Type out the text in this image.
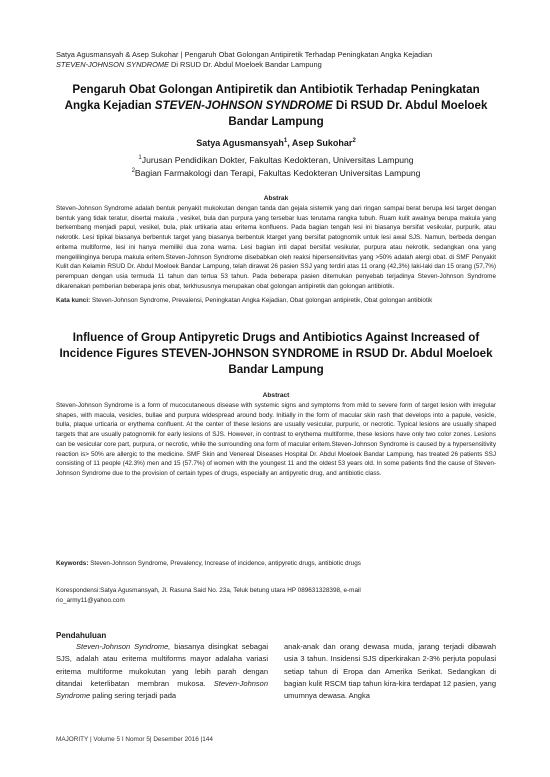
Satya Agusmansyah & Asep Sukohar | Pengaruh Obat Golongan Antipiretik Terhadap Peningkatan Angka Kejadian
STEVEN-JOHNSON SYNDROME Di RSUD Dr. Abdul Moeloek Bandar Lampung
Pengaruh Obat Golongan Antipiretik dan Antibiotik Terhadap Peningkatan Angka Kejadian STEVEN-JOHNSON SYNDROME Di RSUD Dr. Abdul Moeloek Bandar Lampung
Satya Agusmansyah$^1$, Asep Sukohar$^2$
$^1$Jurusan Pendidikan Dokter, Fakultas Kedokteran, Universitas Lampung
$^2$Bagian Farmakologi dan Terapi, Fakultas Kedokteran Universitas Lampung
Abstrak
Steven-Johnson Syndrome adalah bentuk penyakit mukokutan dengan tanda dan gejala sistemik yang dari ringan sampai berat berupa lesi target dengan bentuk yang tidak teratur, disertai makula , vesikel, bula dan purpura yang tersebar luas terutama rangka tubuh. Ruam kulit awalnya berupa makula yang berkembang menjadi papul, vesikel, bula, plak urtikaria atau eritema konfluens. Pada bagian tengah lesi ini biasanya bersifat vesikular, purpurik, atau nekrotik. Lesi tipikal biasanya berbentuk target yang biasanya berbentuk ktarget yang bersifat patognomik untuk lesi awal SJS. Namun, berbeda dengan eritema multiforme, lesi ini hanya memiliki dua zona warna. Lesi bagian inti dapat bersifat vesikular, purpura atau nekrotik, sedangkan ona yang mengelilinginya berupa makula eritem.Steven-Johnson Syndrome disebabkan oleh reaksi hipersensitivitas yang >50% adalah alergi obat. di SMF Penyakit Kulit dan Kelamin RSUD Dr. Abdul Moeloek Bandar Lampung, telah dirawat 26 pasien SSJ yang terdiri atas 11 orang (42,3%) laki-laki dan 15 orang (57,7%) perempuan dengan usia termuda 11 tahun dan tertua 53 tahun. Pada beberapa pasien ditemukan penyebab terjadinya Steven-Johnson Syndrome dikarenakan pemberian beberapa jenis obat, terkhususnya merupakan obat golongan antipiretik dan golongan antibiotik.
Kata kunci: Steven-Johnson Syndrome, Prevalensi, Peningkatan Angka Kejadian, Obat golongan antipiretik, Obat golongan antibiotik
Influence of Group Antipyretic Drugs and Antibiotics Against Increased of Incidence Figures STEVEN-JOHNSON SYNDROME in RSUD Dr. Abdul Moeloek Bandar Lampung
Abstract
Steven-Johnson Syndrome is a form of mucocutaneous disease with systemic signs and symptoms from mild to severe form of target lesion with irregular shapes, with macula, vesicles, bullae and purpura widespread around body. Initially in the form of macular skin rash that develops into a papule, vesicle, bulla, plaque urticaria or erythema confluent. At the center of these lesions are usually vesicular, purpuric, or necrotic. Typical lesions are usually shaped targets that are usually patognomik for early lesions of SJS. However, in contrast to erythema multiforme, these lesions have only two color zones. Lesions can be vesicular core part, purpura, or necrotic, while the surrounding ona form of macular eritem.Steven-Johnson Syndrome is caused by a hypersensitivity reaction is> 50% are allergic to the medicine. SMF Skin and Venereal Diseases Hospital Dr. Abdul Moeloek Bandar Lampung, has treated 26 patients SSJ consisting of 11 people (42.3%) men and 15 (57.7%) of women with the youngest 11 and the oldest 53 years old. In some patients find the cause of Steven-Johnson Syndrome due to the provision of certain types of drugs, especially an antipyretic drug, and antibiotic class.
Keywords: Steven-Johnson Syndrome, Prevalency, Increase of incidence, antipyretic drugs, antibiotic drugs
Korespondensi:Satya Agusmansyah, Jl. Rasuna Said No. 23a, Teluk betung utara HP 089631328398, e-mail
rio_army11@yahoo.com
Pendahuluan
Steven-Johnson Syndrome, biasanya disingkat sebagai SJS, adalah atau eritema multiforms mayor adalaha variasi eritema multiforme mukokutan yang lebih parah dengan ditandai keterlibatan membran mukosa. Steven-Johnson Syndrome paling sering terjadi pada
anak-anak dan orang dewasa muda, jarang terjadi dibawah usia 3 tahun. Insidensi SJS diperkirakan 2-3% perjuta populasi setiap tahun di Eropa dan Amerika Serikat. Sedangkan di bagian kulit RSCM tiap tahun kira-kira terdapat 12 pasien, yang umumnya dewasa. Angka
MAJORITY | Volume 5 I Nomor 5| Desember 2016 |144
